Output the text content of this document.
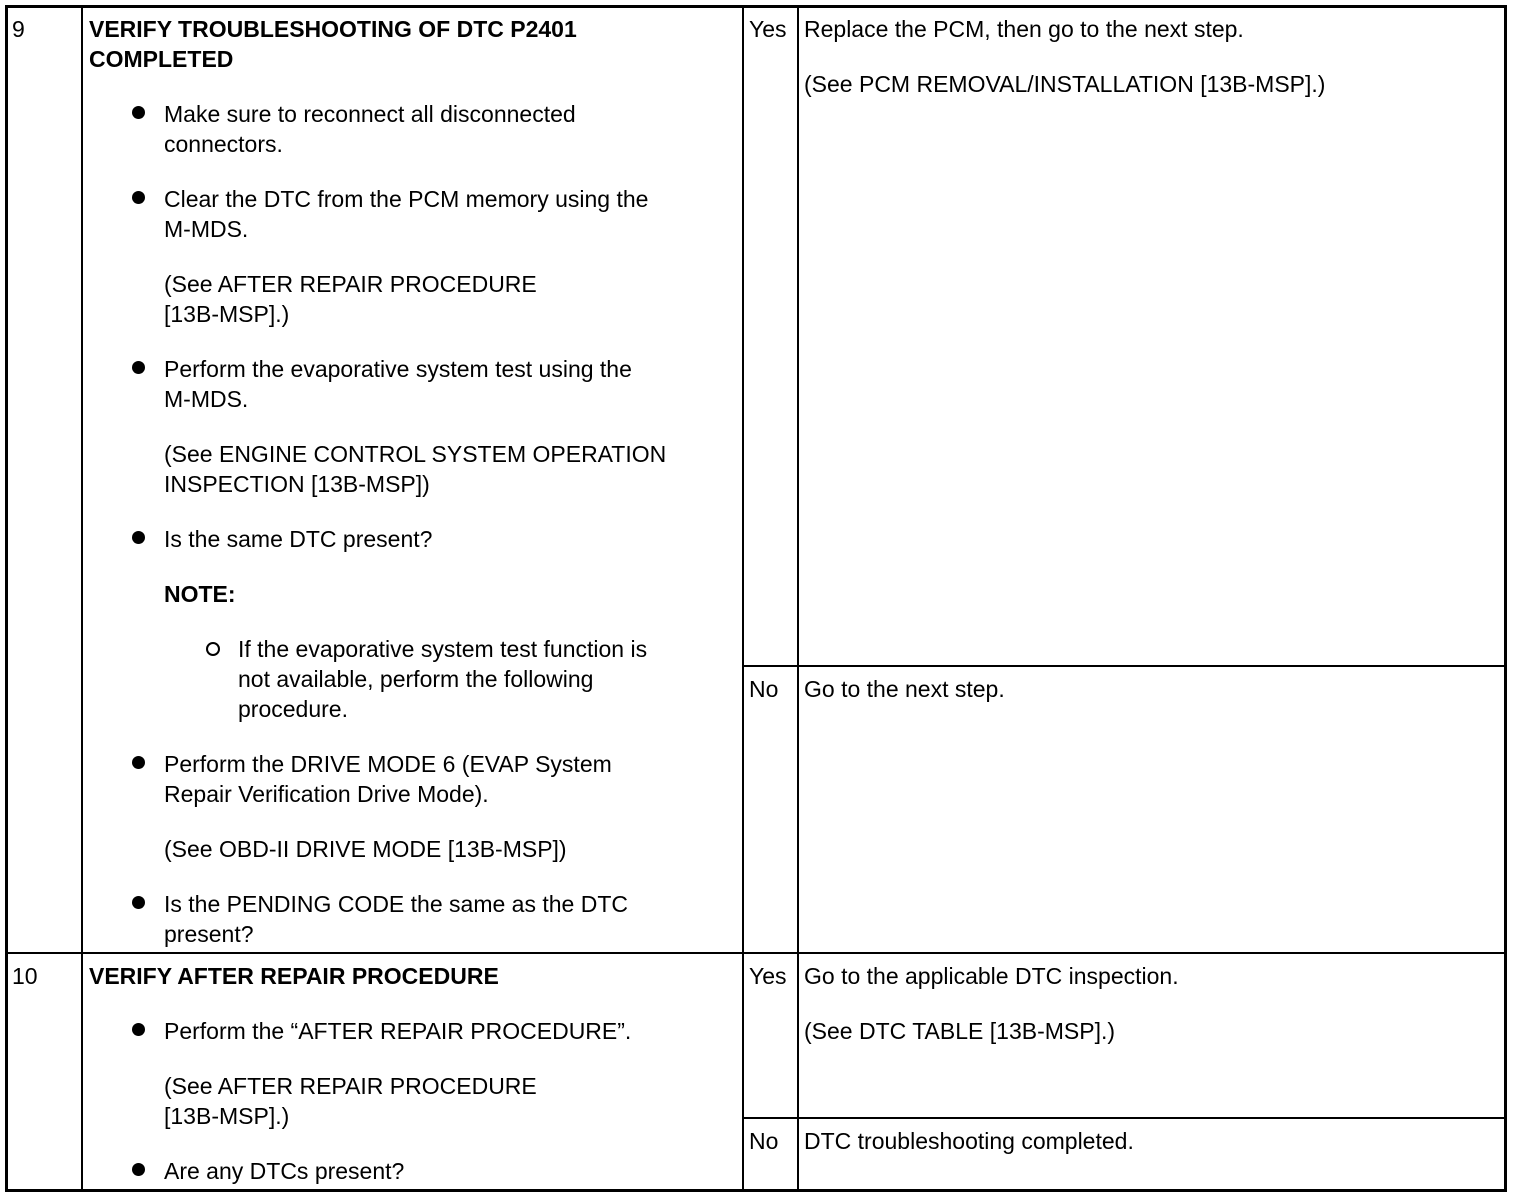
9	VERIFY TROUBLESHOOTING OF DTC P2401
COMPLETED
Make sure to reconnect all disconnected
connectors.
Clear the DTC from the PCM memory using the
M-MDS.
(See AFTER REPAIR PROCEDURE
[13B-MSP].)
Perform the evaporative system test using the
M-MDS.
(See ENGINE CONTROL SYSTEM OPERATION
INSPECTION [13B-MSP])
Is the same DTC present?
NOTE:
If the evaporative system test function is
not available, perform the following
procedure.
Perform the DRIVE MODE 6 (EVAP System
Repair Verification Drive Mode).
(See OBD-II DRIVE MODE [13B-MSP])
Is the PENDING CODE the same as the DTC
present?
Yes Replace the PCM, then go to the next step.
(See PCM REMOVAL/INSTALLATION [13B-MSP].)
No Go to the next step.
10 VERIFY AFTER REPAIR PROCEDURE
Perform the “AFTER REPAIR PROCEDURE”.
(See AFTER REPAIR PROCEDURE
[13B-MSP].)
Are any DTCs present?
Yes Go to the applicable DTC inspection.
(See DTC TABLE [13B-MSP].)
No DTC troubleshooting completed.
